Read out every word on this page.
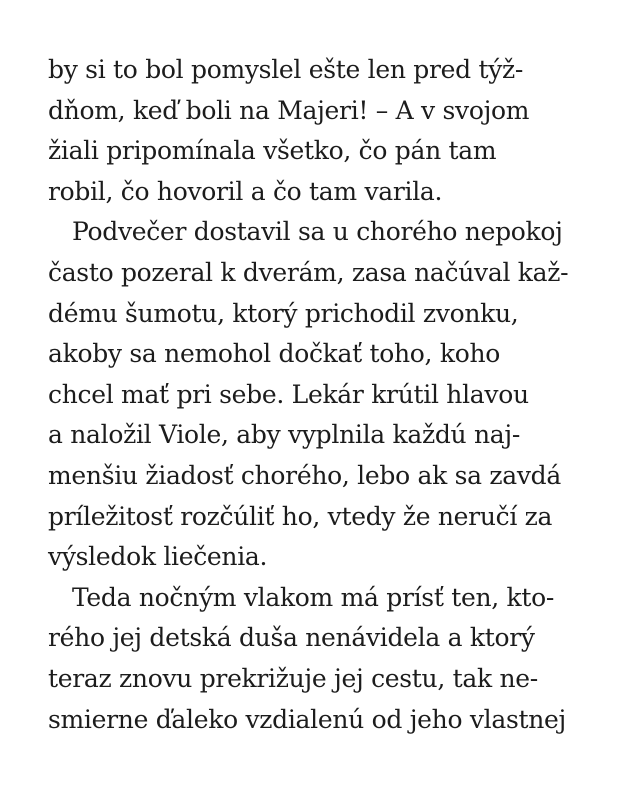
by si to bol pomyslel ešte len pred týž-
dňom, keď boli na Majeri! – A v svojom
žiali pripomínala všetko, čo pán tam
robil, čo hovoril a čo tam varila.
Podvečer dostavil sa u chorého nepokoj
často pozeral k dverám, zasa načúval kaž-
dému šumotu, ktorý prichodil zvonku,
akoby sa nemohol dočkať toho, koho
chcel mať pri sebe. Lekár krútil hlavou
a naložil Viole, aby vyplnila každú naj-
menšiu žiadosť chorého, lebo ak sa zavdá
príležitosť rozčúliť ho, vtedy že neručí za
výsledok liečenia.
Teda nočným vlakom má prísť ten, kto-
rého jej detská duša nenávidela a ktorý
teraz znovu prekrižuje jej cestu, tak ne-
smierne ďaleko vzdialenú od jeho vlastnej
